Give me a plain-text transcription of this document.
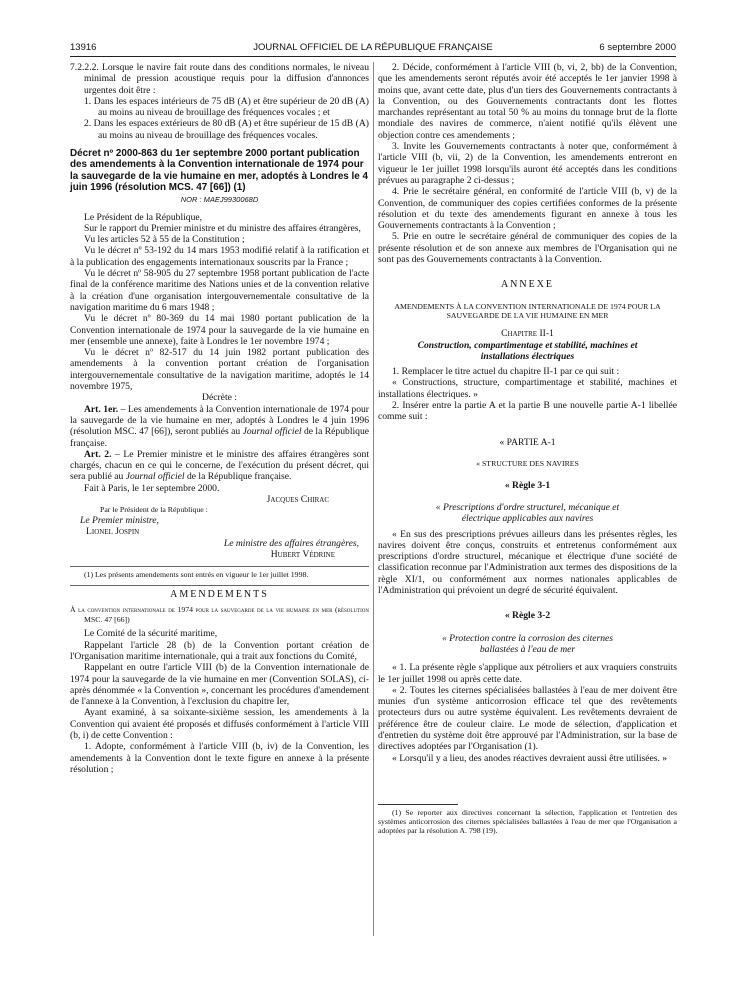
13916	JOURNAL OFFICIEL DE LA RÉPUBLIQUE FRANÇAISE	6 septembre 2000

7.2.2.2. Lorsque le navire fait route dans des conditions normales, le niveau minimal de pression acoustique requis pour la diffusion d'annonces urgentes doit être :

1. Dans les espaces intérieurs de 75 dB (A) et être supérieur de 20 dB (A) au moins au niveau de brouillage des fréquences vocales ; et

2. Dans les espaces extérieurs de 80 dB (A) et être supérieur de 15 dB (A) au moins au niveau de brouillage des fréquences vocales.

Décret nº 2000-863 du 1er septembre 2000 portant publication des amendements à la Convention internationale de 1974 pour la sauvegarde de la vie humaine en mer, adoptés à Londres le 4 juin 1996 (résolution MCS. 47 [66]) (1)

NOR : MAEJ9930068D

Le Président de la République,

Sur le rapport du Premier ministre et du ministre des affaires étrangères,

Vu les articles 52 à 55 de la Constitution ;

Vu le décret nº 53-192 du 14 mars 1953 modifié relatif à la ratification et à la publication des engagements internationaux souscrits par la France ;

Vu le décret nº 58-905 du 27 septembre 1958 portant publication de l'acte final de la conférence maritime des Nations unies et de la convention relative à la création d'une organisation intergouvernementale consultative de la navigation maritime du 6 mars 1948 ;

Vu le décret nº 80-369 du 14 mai 1980 portant publication de la Convention internationale de 1974 pour la sauvegarde de la vie humaine en mer (ensemble une annexe), faite à Londres le 1er novembre 1974 ;

Vu le décret nº 82-517 du 14 juin 1982 portant publication des amendements à la convention portant création de l'organisation intergouvernementale consultative de la navigation maritime, adoptés le 14 novembre 1975,

Décrète :

Art. 1er. – Les amendements à la Convention internationale de 1974 pour la sauvegarde de la vie humaine en mer, adoptés à Londres le 4 juin 1996 (résolution MSC. 47 [66]), seront publiés au Journal officiel de la République française.

Art. 2. – Le Premier ministre et le ministre des affaires étrangères sont chargés, chacun en ce qui le concerne, de l'exécution du présent décret, qui sera publié au Journal officiel de la République française.

Fait à Paris, le 1er septembre 2000.

Jacques Chirac

Par le Président de la République :

Le Premier ministre,

Lionel Jospin

Le ministre des affaires étrangères,

Hubert Védrine

(1) Les présents amendements sont entrés en vigueur le 1er juillet 1998.

AMENDEMENTS

À la convention internationale de 1974 pour la sauvegarde de la vie humaine en mer (résolution MSC. 47 [66])

Le Comité de la sécurité maritime,

Rappelant l'article 28 (b) de la Convention portant création de l'Organisation maritime internationale, qui a trait aux fonctions du Comité,

Rappelant en outre l'article VIII (b) de la Convention internationale de 1974 pour la sauvegarde de la vie humaine en mer (Convention SOLAS), ci-après dénommée « la Convention », concernant les procédures d'amendement de l'annexe à la Convention, à l'exclusion du chapitre Ier,

Ayant examiné, à sa soixante-sixième session, les amendements à la Convention qui avaient été proposés et diffusés conformément à l'article VIII (b, i) de cette Convention :

1. Adopte, conformément à l'article VIII (b, iv) de la Convention, les amendements à la Convention dont le texte figure en annexe à la présente résolution ;

2. Décide, conformément à l'article VIII (b, vi, 2, bb) de la Convention, que les amendements seront réputés avoir été acceptés le 1er janvier 1998 à moins que, avant cette date, plus d'un tiers des Gouvernements contractants à la Convention, ou des Gouvernements contractants dont les flottes marchandes représentant au total 50 % au moins du tonnage brut de la flotte mondiale des navires de commerce, n'aient notifié qu'ils élèvent une objection contre ces amendements ;

3. Invite les Gouvernements contractants à noter que, conformément à l'article VIII (b, vii, 2) de la Convention, les amendements entreront en vigueur le 1er juillet 1998 lorsqu'ils auront été acceptés dans les conditions prévues au paragraphe 2 ci-dessus ;

4. Prie le secrétaire général, en conformité de l'article VIII (b, v) de la Convention, de communiquer des copies certifiées conformes de la présente résolution et du texte des amendements figurant en annexe à tous les Gouvernements contractants à la Convention ;

5. Prie en outre le secrétaire général de communiquer des copies de la présente résolution et de son annexe aux membres de l'Organisation qui ne sont pas des Gouvernements contractants à la Convention.

ANNEXE

AMENDEMENTS À LA CONVENTION INTERNATIONALE DE 1974 POUR LA SAUVEGARDE DE LA VIE HUMAINE EN MER

Chapitre II-1

Construction, compartimentage et stabilité, machines et installations électriques

1. Remplacer le titre actuel du chapitre II-1 par ce qui suit :

« Constructions, structure, compartimentage et stabilité, machines et installations électriques. »

2. Insérer entre la partie A et la partie B une nouvelle partie A-1 libellée comme suit :

« PARTIE A-1

« STRUCTURE DES NAVIRES

« Règle 3-1

« Prescriptions d'ordre structurel, mécanique et électrique applicables aux navires

« En sus des prescriptions prévues ailleurs dans les présentes règles, les navires doivent être conçus, construits et entretenus conformément aux prescriptions d'ordre structurel, mécanique et électrique d'une société de classification reconnue par l'Administration aux termes des dispositions de la règle XI/1, ou conformément aux normes nationales applicables de l'Administration qui prévoient un degré de sécurité équivalent.

« Règle 3-2

« Protection contre la corrosion des citernes ballastées à l'eau de mer

« 1. La présente règle s'applique aux pétroliers et aux vraquiers construits le 1er juillet 1998 ou après cette date.

« 2. Toutes les citernes spécialisées ballastées à l'eau de mer doivent être munies d'un système anticorrosion efficace tel que des revêtements protecteurs durs ou autre système équivalent. Les revêtements devraient de préférence être de couleur claire. Le mode de sélection, d'application et d'entretien du système doit être approuvé par l'Administration, sur la base de directives adoptées par l'Organisation (1).

« Lorsqu'il y a lieu, des anodes réactives devraient aussi être utilisées. »

(1) Se reporter aux directives concernant la sélection, l'application et l'entretien des systèmes anticorrosion des citernes spécialisées ballastées à l'eau de mer que l'Organisation a adoptées par la résolution A. 798 (19).
